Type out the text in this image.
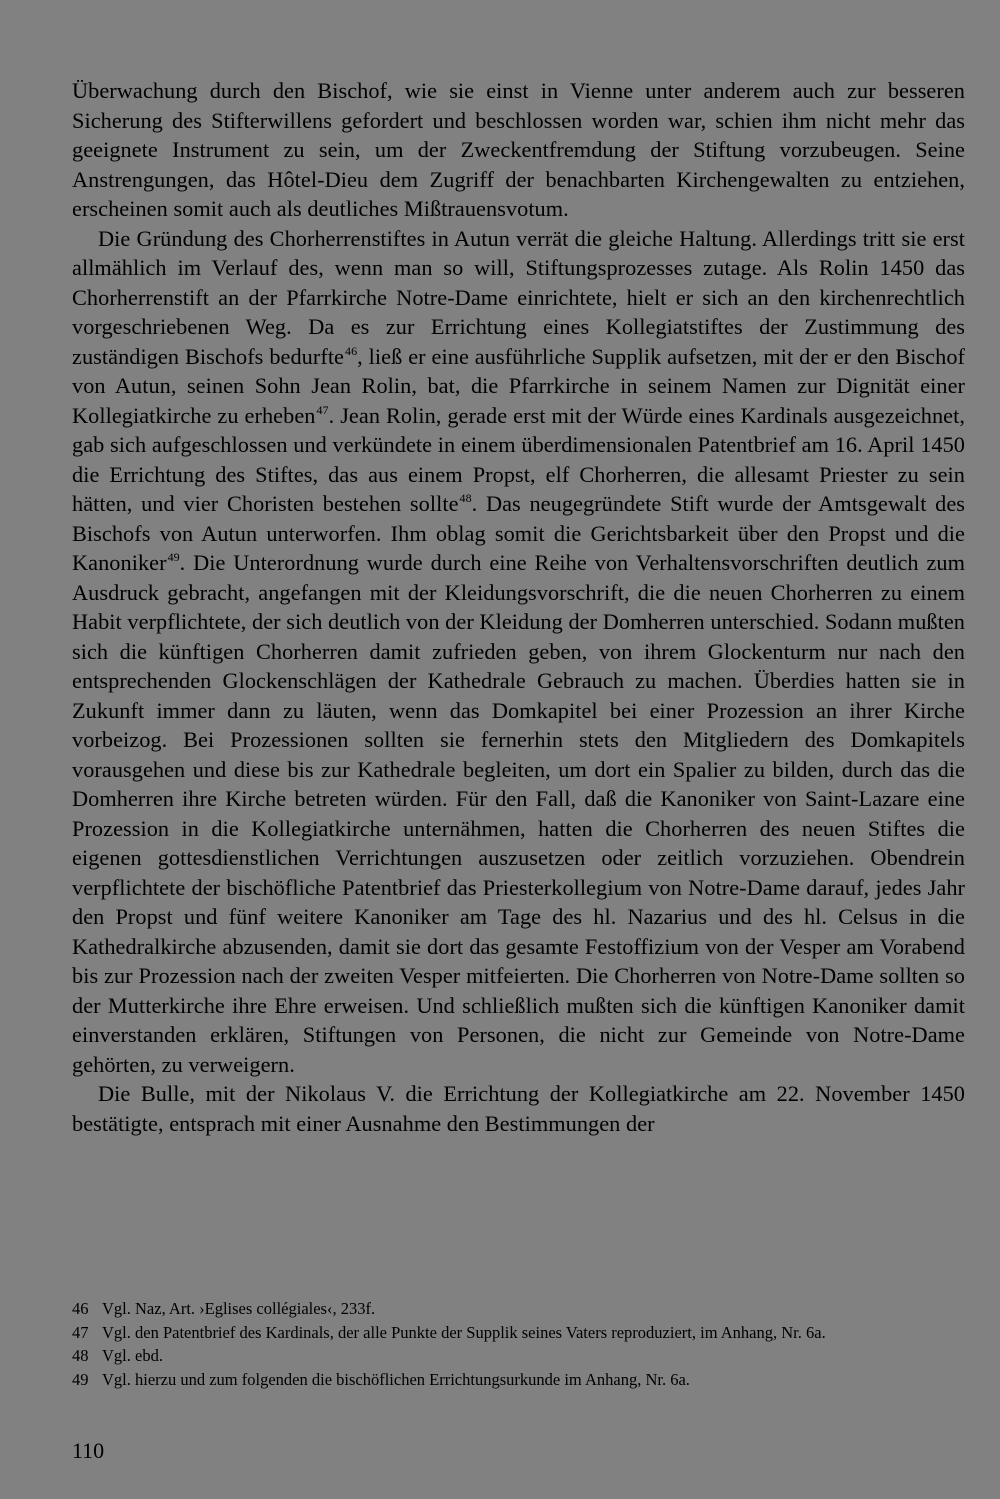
Überwachung durch den Bischof, wie sie einst in Vienne unter anderem auch zur besseren Sicherung des Stifterwillens gefordert und beschlossen worden war, schien ihm nicht mehr das geeignete Instrument zu sein, um der Zweckentfremdung der Stiftung vorzubeugen. Seine Anstrengungen, das Hôtel-Dieu dem Zugriff der benachbarten Kirchengewalten zu entziehen, erscheinen somit auch als deutliches Mißtrauensvotum.

Die Gründung des Chorherrenstiftes in Autun verrät die gleiche Haltung. Allerdings tritt sie erst allmählich im Verlauf des, wenn man so will, Stiftungsprozesses zutage. Als Rolin 1450 das Chorherrenstift an der Pfarrkirche Notre-Dame einrichtete, hielt er sich an den kirchenrechtlich vorgeschriebenen Weg. Da es zur Errichtung eines Kollegiatstiftes der Zustimmung des zuständigen Bischofs bedurfte$^{46}$, ließ er eine ausführliche Supplik aufsetzen, mit der er den Bischof von Autun, seinen Sohn Jean Rolin, bat, die Pfarrkirche in seinem Namen zur Dignität einer Kollegiatkirche zu erheben$^{47}$. Jean Rolin, gerade erst mit der Würde eines Kardinals ausgezeichnet, gab sich aufgeschlossen und verkündete in einem überdimensionalen Patentbrief am 16. April 1450 die Errichtung des Stiftes, das aus einem Propst, elf Chorherren, die allesamt Priester zu sein hätten, und vier Choristen bestehen sollte$^{48}$. Das neugegründete Stift wurde der Amtsgewalt des Bischofs von Autun unterworfen. Ihm oblag somit die Gerichtsbarkeit über den Propst und die Kanoniker$^{49}$. Die Unterordnung wurde durch eine Reihe von Verhaltensvorschriften deutlich zum Ausdruck gebracht, angefangen mit der Kleidungsvorschrift, die die neuen Chorherren zu einem Habit verpflichtete, der sich deutlich von der Kleidung der Domherren unterschied. Sodann mußten sich die künftigen Chorherren damit zufrieden geben, von ihrem Glockenturm nur nach den entsprechenden Glockenschlägen der Kathedrale Gebrauch zu machen. Überdies hatten sie in Zukunft immer dann zu läuten, wenn das Domkapitel bei einer Prozession an ihrer Kirche vorbeizog. Bei Prozessionen sollten sie fernerhin stets den Mitgliedern des Domkapitels vorausgehen und diese bis zur Kathedrale begleiten, um dort ein Spalier zu bilden, durch das die Domherren ihre Kirche betreten würden. Für den Fall, daß die Kanoniker von Saint-Lazare eine Prozession in die Kollegiatkirche unternähmen, hatten die Chorherren des neuen Stiftes die eigenen gottesdienstlichen Verrichtungen auszusetzen oder zeitlich vorzuziehen. Obendrein verpflichtete der bischöfliche Patentbrief das Priesterkollegium von Notre-Dame darauf, jedes Jahr den Propst und fünf weitere Kanoniker am Tage des hl. Nazarius und des hl. Celsus in die Kathedralkirche abzusenden, damit sie dort das gesamte Festoffizium von der Vesper am Vorabend bis zur Prozession nach der zweiten Vesper mitfeierten. Die Chorherren von Notre-Dame sollten so der Mutterkirche ihre Ehre erweisen. Und schließlich mußten sich die künftigen Kanoniker damit einverstanden erklären, Stiftungen von Personen, die nicht zur Gemeinde von Notre-Dame gehörten, zu verweigern.

Die Bulle, mit der Nikolaus V. die Errichtung der Kollegiatkirche am 22. November 1450 bestätigte, entsprach mit einer Ausnahme den Bestimmungen der

46 Vgl. Naz, Art. ›Eglises collégiales‹, 233f.
47 Vgl. den Patentbrief des Kardinals, der alle Punkte der Supplik seines Vaters reproduziert, im Anhang, Nr. 6a.
48 Vgl. ebd.
49 Vgl. hierzu und zum folgenden die bischöflichen Errichtungsurkunde im Anhang, Nr. 6a.
110
